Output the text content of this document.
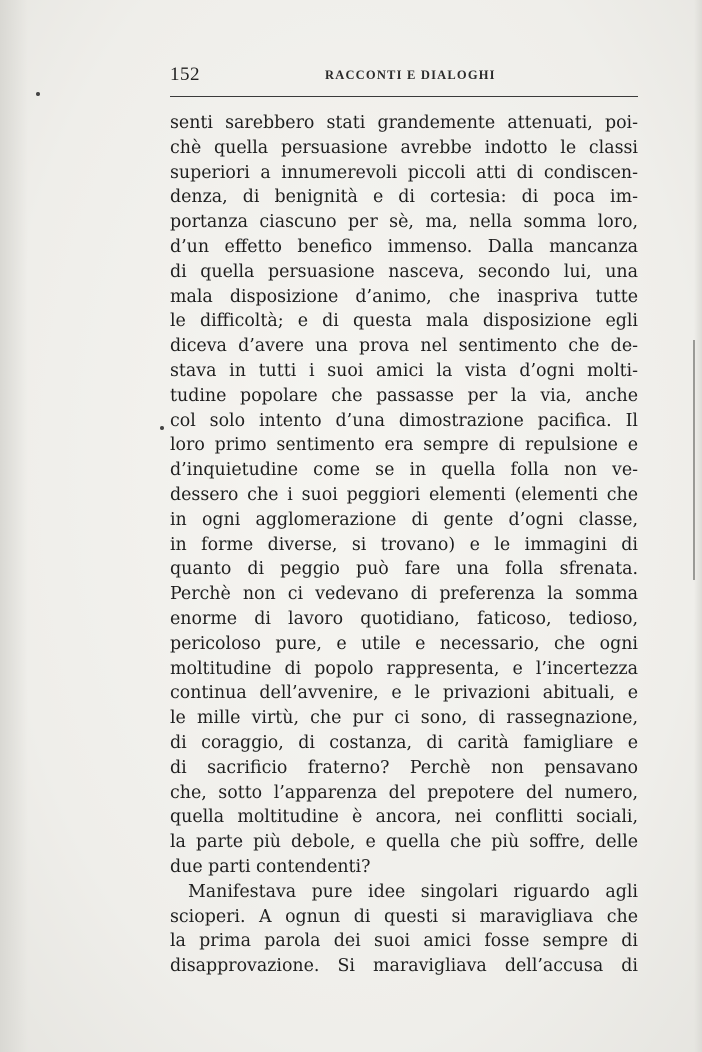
152	RACCONTI E DIALOGHI
senti sarebbero stati grandemente attenuati, poi-
chè quella persuasione avrebbe indotto le classi
superiori a innumerevoli piccoli atti di condiscen-
denza, di benignità e di cortesia: di poca im-
portanza ciascuno per sè, ma, nella somma loro,
d’un effetto benefico immenso. Dalla mancanza
di quella persuasione nasceva, secondo lui, una
mala disposizione d’animo, che inaspriva tutte
le difficoltà; e di questa mala disposizione egli
diceva d’avere una prova nel sentimento che de-
stava in tutti i suoi amici la vista d’ogni molti-
tudine popolare che passasse per la via, anche
col solo intento d’una dimostrazione pacifica. Il
loro primo sentimento era sempre di repulsione e
d’inquietudine come se in quella folla non ve-
dessero che i suoi peggiori elementi (elementi che
in ogni agglomerazione di gente d’ogni classe,
in forme diverse, si trovano) e le immagini di
quanto di peggio può fare una folla sfrenata.
Perchè non ci vedevano di preferenza la somma
enorme di lavoro quotidiano, faticoso, tedioso,
pericoloso pure, e utile e necessario, che ogni
moltitudine di popolo rappresenta, e l’incertezza
continua dell’avvenire, e le privazioni abituali, e
le mille virtù, che pur ci sono, di rassegnazione,
di coraggio, di costanza, di carità famigliare e
di sacrificio fraterno? Perchè non pensavano
che, sotto l’apparenza del prepotere del numero,
quella moltitudine è ancora, nei conflitti sociali,
la parte più debole, e quella che più soffre, delle
due parti contendenti?
Manifestava pure idee singolari riguardo agli
scioperi. A ognun di questi si maravigliava che
la prima parola dei suoi amici fosse sempre di
disapprovazione. Si maravigliava dell’accusa di
